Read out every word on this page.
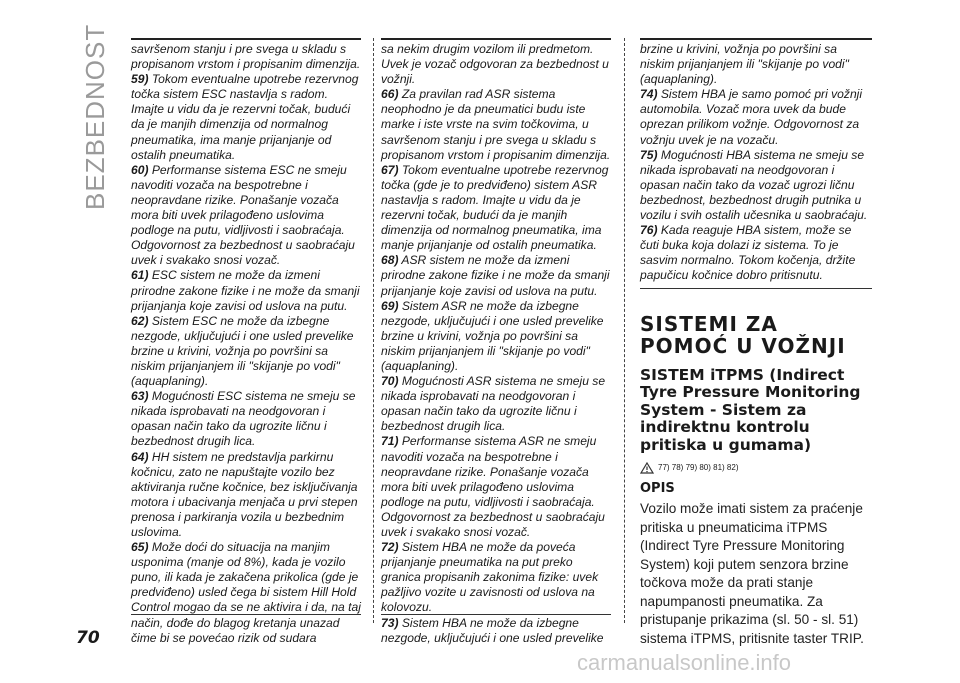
BEZBEDNOST savršenom stanju i pre svega u skladu s propisanom vrstom i propisanim dimenzija.

59) Tokom eventualne upotrebe rezervnog točka sistem ESC nastavlja s radom. Imajte u vidu da je rezervni točak, budući da je manjih dimenzija od normalnog pneumatika, ima manje prijanjanje od ostalih pneumatika.

60) Performanse sistema ESC ne smeju navoditi vozača na bespotrebne i neopravdane rizike. Ponašanje vozača mora biti uvek prilagođeno uslovima podloge na putu, vidljivosti i saobraćaja. Odgovornost za bezbednost u saobraćaju uvek i svakako snosi vozač.

61) ESC sistem ne može da izmeni prirodne zakone fizike i ne može da smanji prijanjanja koje zavisi od uslova na putu.

62) Sistem ESC ne može da izbegne nezgode, uključujući i one usled prevelike brzine u krivini, vožnja po površini sa niskim prijanjanjem ili "skijanje po vodi" (aquaplaning).

63) Mogućnosti ESC sistema ne smeju se nikada isprobavati na neodgovoran i opasan način tako da ugrozite ličnu i bezbednost drugih lica.

64) HH sistem ne predstavlja parkirnu kočnicu, zato ne napuštajte vozilo bez aktiviranja ručne kočnice, bez isključivanja motora i ubacivanja menjača u prvi stepen prenosa i parkiranja vozila u bezbednim uslovima.

65) Može doći do situacija na manjim usponima (manje od 8%), kada je vozilo puno, ili kada je zakačena prikolica (gde je predviđeno) usled čega bi sistem Hill Hold Control mogao da se ne aktivira i da, na taj način, dođe do blagog kretanja unazad čime bi se povećao rizik od sudara

sa nekim drugim vozilom ili predmetom. Uvek je vozač odgovoran za bezbednost u vožnji.

66) Za pravilan rad ASR sistema neophodno je da pneumatici budu iste marke i iste vrste na svim točkovima, u savršenom stanju i pre svega u skladu s propisanom vrstom i propisanim dimenzija.

67) Tokom eventualne upotrebe rezervnog točka (gde je to predviđeno) sistem ASR nastavlja s radom. Imajte u vidu da je rezervni točak, budući da je manjih dimenzija od normalnog pneumatika, ima manje prijanjanje od ostalih pneumatika.

68) ASR sistem ne može da izmeni prirodne zakone fizike i ne može da smanji prijanjanje koje zavisi od uslova na putu.

69) Sistem ASR ne može da izbegne nezgode, uključujući i one usled prevelike brzine u krivini, vožnja po površini sa niskim prijanjanjem ili "skijanje po vodi" (aquaplaning).

70) Mogućnosti ASR sistema ne smeju se nikada isprobavati na neodgovoran i opasan način tako da ugrozite ličnu i bezbednost drugih lica.

71) Performanse sistema ASR ne smeju navoditi vozača na bespotrebne i neopravdane rizike. Ponašanje vozača mora biti uvek prilagođeno uslovima podloge na putu, vidljivosti i saobraćaja. Odgovornost za bezbednost u saobraćaju uvek i svakako snosi vozač.

72) Sistem HBA ne može da poveća prijanjanje pneumatika na put preko granica propisanih zakonima fizike: uvek pažljivo vozite u zavisnosti od uslova na kolovozu.

73) Sistem HBA ne može da izbegne nezgode, uključujući i one usled prevelike

brzine u krivini, vožnja po površini sa niskim prijanjanjem ili "skijanje po vodi" (aquaplaning).

74) Sistem HBA je samo pomoć pri vožnji automobila. Vozač mora uvek da bude oprezan prilikom vožnje. Odgovornost za vožnju uvek je na vozaču.

75) Mogućnosti HBA sistema ne smeju se nikada isprobavati na neodgovoran i opasan način tako da vozač ugrozi ličnu bezbednost, bezbednost drugih putnika u vozilu i svih ostalih učesnika u saobraćaju.

76) Kada reaguje HBA sistem, može se čuti buka koja dolazi iz sistema. To je sasvim normalno. Tokom kočenja, držite papučicu kočnice dobro pritisnutu.

SISTEMI ZA POMOĆ U VOŽNJI
SISTEM iTPMS (Indirect Tyre Pressure Monitoring System - Sistem za indirektnu kontrolu pritiska u gumama)
77) 78) 79) 80) 81) 82)
OPIS
Vozilo može imati sistem za praćenje pritiska u pneumaticima iTPMS (Indirect Tyre Pressure Monitoring System) koji putem senzora brzine točkova može da prati stanje napumpanosti pneumatika. Za pristupanje prikazima (sl. 50 - sl. 51) sistema iTPMS, pritisnite taster TRIP.
70
carmanualsonline.info
